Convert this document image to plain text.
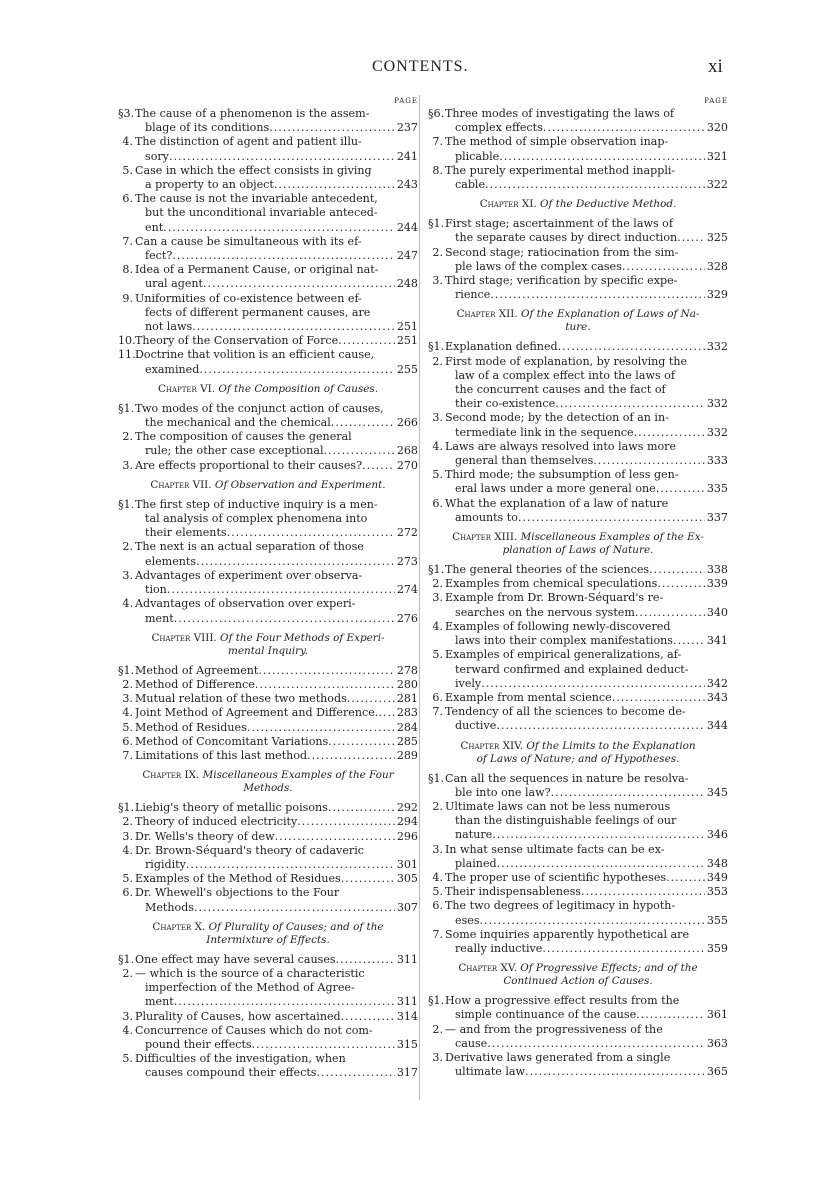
CONTENTS.	xi
PAGE
§3. The cause of a phenomenon is the assem-
blage of its conditions .....	237
4. The distinction of agent and patient illu-
sory .....	241
5. Case in which the effect consists in giving
a property to an object .....	243
6. The cause is not the invariable antecedent,
but the unconditional invariable anteced-
ent .....	244
7. Can a cause be simultaneous with its ef-
fect? .....	247
8. Idea of a Permanent Cause, or original nat-
ural agent .....	248
9. Uniformities of co-existence between ef-
fects of different permanent causes, are
not laws .....	251
10. Theory of the Conservation of Force .....	251
11. Doctrine that volition is an efficient cause,
examined .....	255
Chapter VI. Of the Composition of Causes.
§1. Two modes of the conjunct action of causes,
the mechanical and the chemical .....	266
2. The composition of causes the general
rule; the other case exceptional .....	268
3. Are effects proportional to their causes? .....	270
Chapter VII. Of Observation and Experiment.
§1. The first step of inductive inquiry is a men-
tal analysis of complex phenomena into
their elements .....	272
2. The next is an actual separation of those
elements .....	273
3. Advantages of experiment over observa-
tion .....	274
4. Advantages of observation over experi-
ment .....	276
Chapter VIII. Of the Four Methods of Experi-
mental Inquiry.
§1. Method of Agreement .....	278
2. Method of Difference .....	280
3. Mutual relation of these two methods .....	281
4. Joint Method of Agreement and Difference. ..... 283
5. Method of Residues .....	284
6. Method of Concomitant Variations .....	285
7. Limitations of this last method .....	289
Chapter IX. Miscellaneous Examples of the Four
Methods.
§1. Liebig's theory of metallic poisons .....	292
2. Theory of induced electricity .....	294
3. Dr. Wells's theory of dew .....	296
4. Dr. Brown-Séquard's theory of cadaveric
rigidity .....	301
5. Examples of the Method of Residues .....	305
6. Dr. Whewell's objections to the Four
Methods .....	307
Chapter X. Of Plurality of Causes; and of the
Intermixture of Effects.
§1. One effect may have several causes .....	311
2. — which is the source of a characteristic
imperfection of the Method of Agree-
ment .....	311
3. Plurality of Causes, how ascertained .....	314
4. Concurrence of Causes which do not com-
pound their effects .....	315
5. Difficulties of the investigation, when
causes compound their effects .....	317
PAGE
§6. Three modes of investigating the laws of
complex effects .....	320
7. The method of simple observation inap-
plicable .....	321
8. The purely experimental method inappli-
cable .....	322
Chapter XI. Of the Deductive Method.
§1. First stage; ascertainment of the laws of
the separate causes by direct induction .....	325
2. Second stage; ratiocination from the sim-
ple laws of the complex cases .....	328
3. Third stage; verification by specific expe-
rience .....	329
Chapter XII. Of the Explanation of Laws of Na-
ture.
§1. Explanation defined .....	332
2. First mode of explanation, by resolving the
law of a complex effect into the laws of
the concurrent causes and the fact of
their co-existence .....	332
3. Second mode; by the detection of an in-
termediate link in the sequence .....	332
4. Laws are always resolved into laws more
general than themselves .....	333
5. Third mode; the subsumption of less gen-
eral laws under a more general one .....	335
6. What the explanation of a law of nature
amounts to .....	337
Chapter XIII. Miscellaneous Examples of the Ex-
planation of Laws of Nature.
§1. The general theories of the sciences .....	338
2. Examples from chemical speculations .....	339
3. Example from Dr. Brown-Séquard's re-
searches on the nervous system .....	340
4. Examples of following newly-discovered
laws into their complex manifestations .....	341
5. Examples of empirical generalizations, af-
terward confirmed and explained deduct-
ively .....	342
6. Example from mental science .....	343
7. Tendency of all the sciences to become de-
ductive .....	344
Chapter XIV. Of the Limits to the Explanation
of Laws of Nature; and of Hypotheses.
§1. Can all the sequences in nature be resolva-
ble into one law? .....	345
2. Ultimate laws can not be less numerous
than the distinguishable feelings of our
nature .....	346
3. In what sense ultimate facts can be ex-
plained .....	348
4. The proper use of scientific hypotheses .....	349
5. Their indispensableness .....	353
6. The two degrees of legitimacy in hypoth-
eses .....	355
7. Some inquiries apparently hypothetical are
really inductive .....	359
Chapter XV. Of Progressive Effects; and of the
Continued Action of Causes.
§1. How a progressive effect results from the
simple continuance of the cause .....	361
2. — and from the progressiveness of the
cause .....	363
3. Derivative laws generated from a single
ultimate law .....	365
